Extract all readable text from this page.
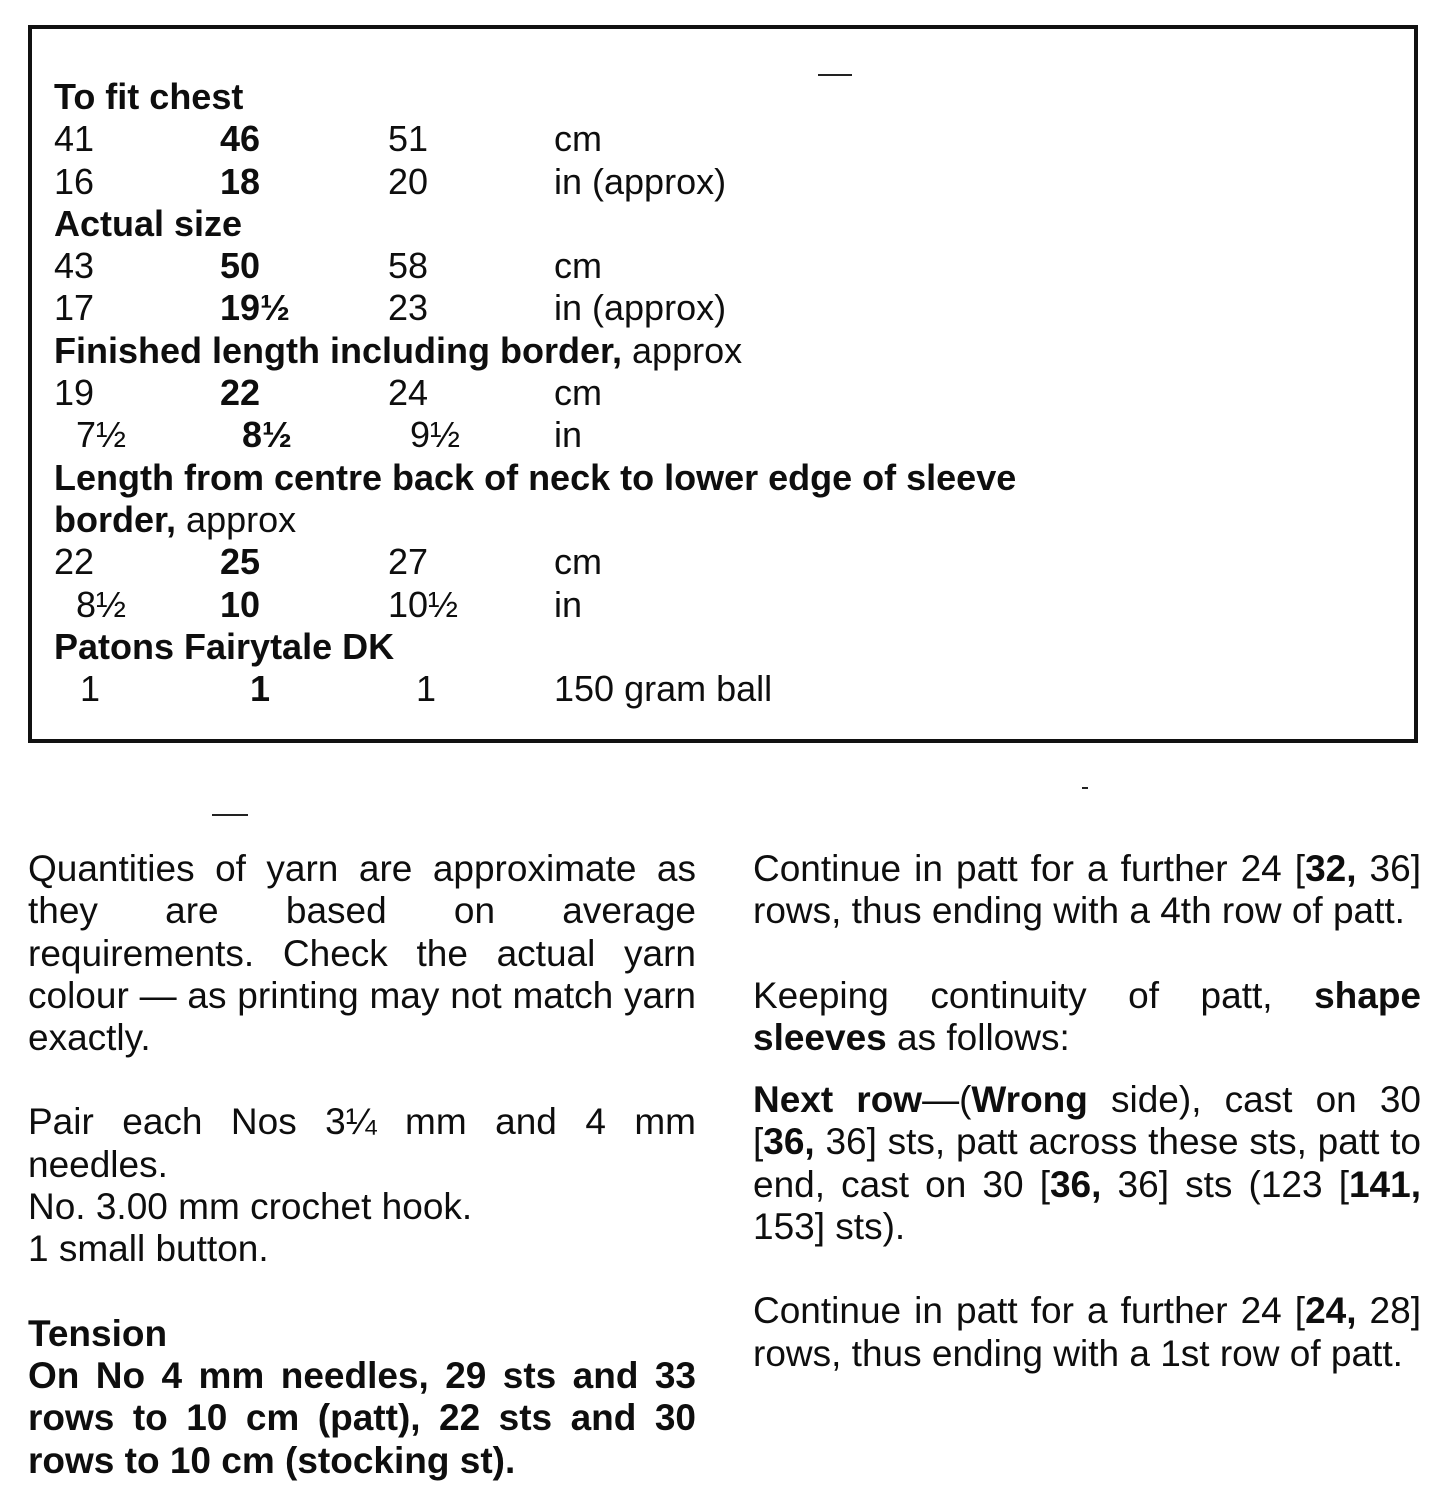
To fit chest
41	46	51	cm
16	18	20	in (approx)
Actual size
43	50	58	cm
17	19½	23	in (approx)
Finished length including border, approx
19	22	24	cm
7½	8½	9½	in
Length from centre back of neck to lower edge of sleeve
border, approx
22	25	27	cm
8½	10	10½	in
Patons Fairytale DK
1	1	1	150 gram ball

Quantities of yarn are approximate as they are based on average requirements. Check the actual yarn colour — as printing may not match yarn exactly.

Pair each Nos 3¼ mm and 4 mm needles.

No. 3.00 mm crochet hook.

1 small button.

Tension

On No 4 mm needles, 29 sts and 33 rows to 10 cm (patt), 22 sts and 30 rows to 10 cm (stocking st).

Continue in patt for a further 24 [32, 36] rows, thus ending with a 4th row of patt.

Keeping continuity of patt, shape sleeves as follows:

Next row—(Wrong side), cast on 30 [36, 36] sts, patt across these sts, patt to end, cast on 30 [36, 36] sts (123 [141, 153] sts).

Continue in patt for a further 24 [24, 28] rows, thus ending with a 1st row of patt.
